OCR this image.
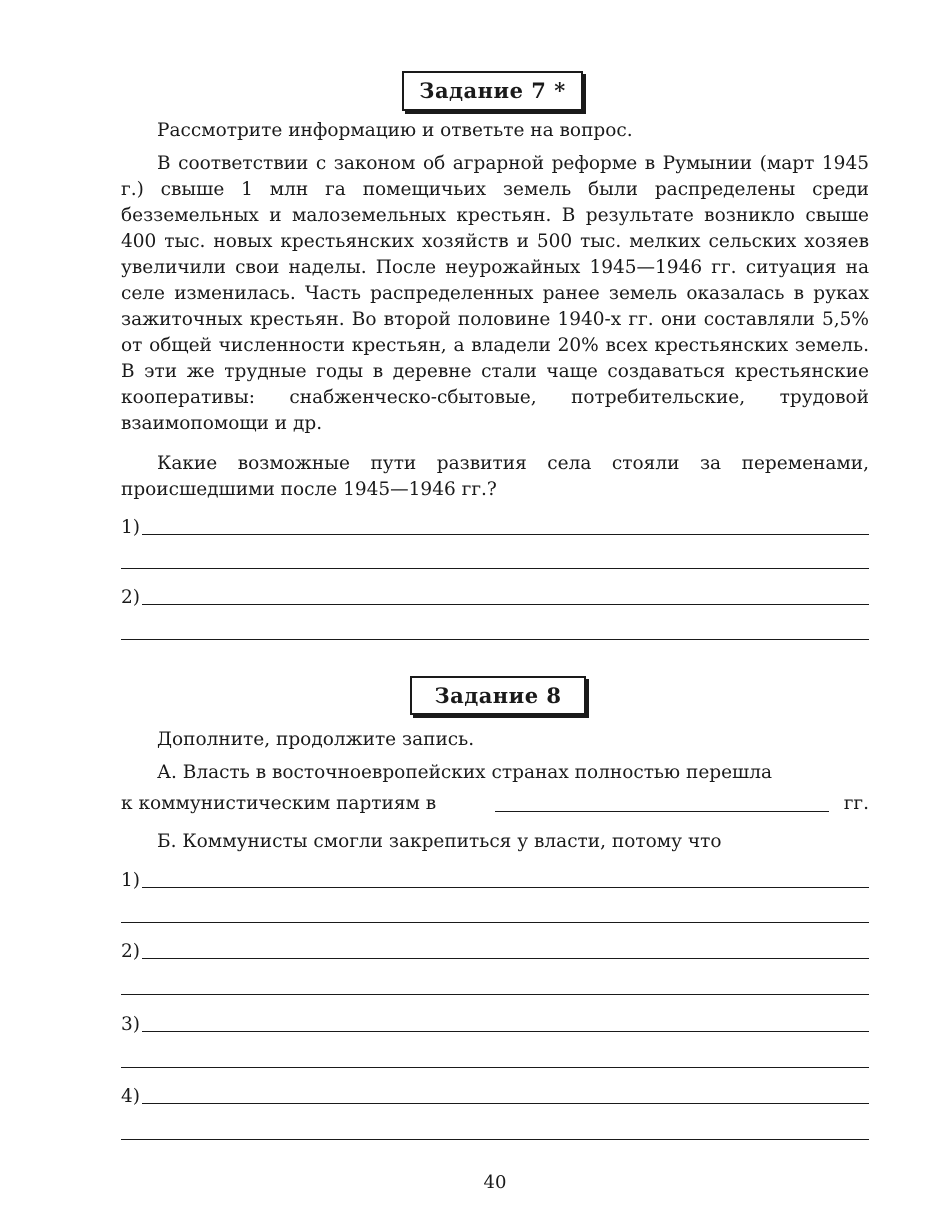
Задание 7 *

Рассмотрите информацию и ответьте на вопрос.

В соответствии с законом об аграрной реформе в Румынии (март 1945 г.) свыше 1 млн га помещичьих земель были распределены среди безземельных и малоземельных крестьян. В результате возникло свыше 400 тыс. новых крестьянских хозяйств и 500 тыс. мелких сельских хозяев увеличили свои наделы. После неурожайных 1945—1946 гг. ситуация на селе изменилась. Часть распределенных ранее земель оказалась в руках зажиточных крестьян. Во второй половине 1940-х гг. они составляли 5,5% от общей численности крестьян, а владели 20% всех крестьянских земель. В эти же трудные годы в деревне стали чаще создаваться крестьянские кооперативы: снабженческо-сбытовые, потребительские, трудовой взаимопомощи и др.

Какие возможные пути развития села стояли за переменами, происшедшими после 1945—1946 гг.?

1)
2)
Задание 8

Дополните, продолжите запись.

А. Власть в восточноевропейских странах полностью перешла

к коммунистическим партиям в	гг.

Б. Коммунисты смогли закрепиться у власти, потому что

1)
2)
3)
4)
40
